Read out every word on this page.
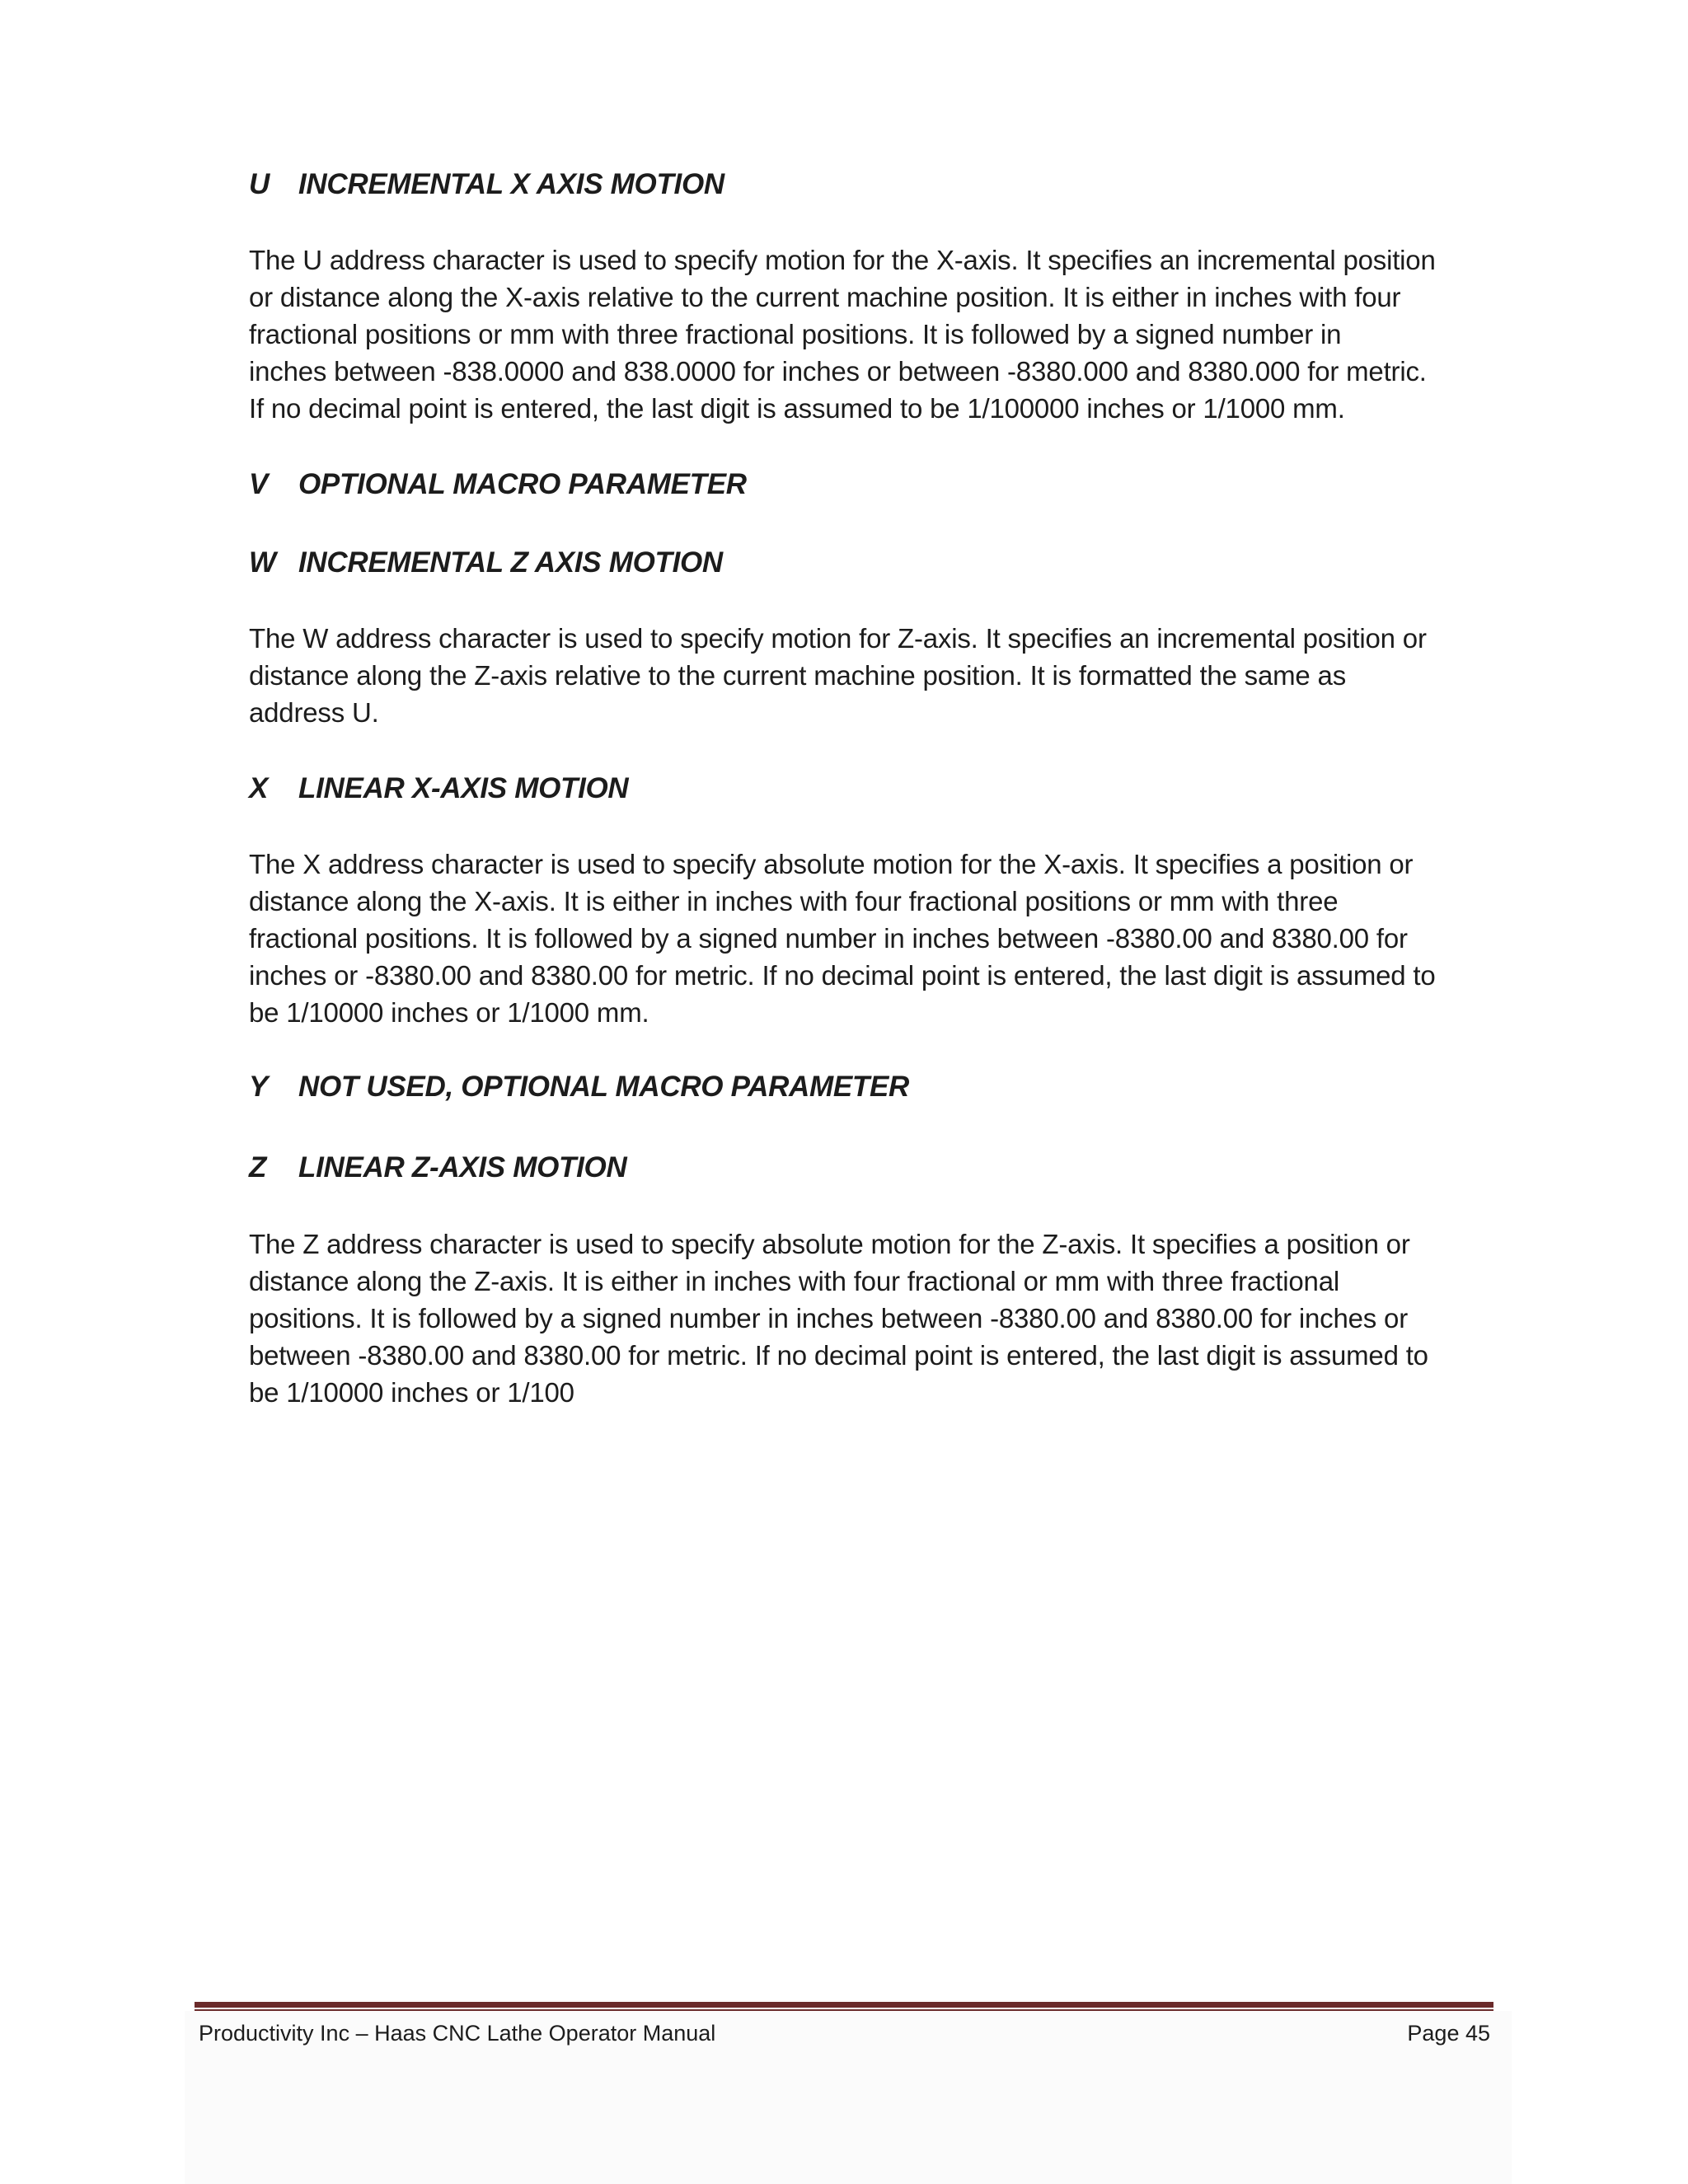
U INCREMENTAL X AXIS MOTION

The U address character is used to specify motion for the X-axis. It specifies an incremental position
or distance along the X-axis relative to the current machine position. It is either in inches with four
fractional positions or mm with three fractional positions. It is followed by a signed number in
inches between -838.0000 and 838.0000 for inches or between -8380.000 and 8380.000 for metric.
If no decimal point is entered, the last digit is assumed to be 1/100000 inches or 1/1000 mm.

V OPTIONAL MACRO PARAMETER
W INCREMENTAL Z AXIS MOTION

The W address character is used to specify motion for Z-axis. It specifies an incremental position or
distance along the Z-axis relative to the current machine position. It is formatted the same as
address U.

X LINEAR X-AXIS MOTION

The X address character is used to specify absolute motion for the X-axis. It specifies a position or
distance along the X-axis. It is either in inches with four fractional positions or mm with three
fractional positions. It is followed by a signed number in inches between -8380.00 and 8380.00 for
inches or -8380.00 and 8380.00 for metric. If no decimal point is entered, the last digit is assumed to
be 1/10000 inches or 1/1000 mm.

Y NOT USED, OPTIONAL MACRO PARAMETER
Z LINEAR Z-AXIS MOTION

The Z address character is used to specify absolute motion for the Z-axis. It specifies a position or
distance along the Z-axis. It is either in inches with four fractional or mm with three fractional
positions. It is followed by a signed number in inches between -8380.00 and 8380.00 for inches or
between -8380.00 and 8380.00 for metric. If no decimal point is entered, the last digit is assumed to
be 1/10000 inches or 1/100

Productivity Inc – Haas CNC Lathe Operator Manual	Page 45
